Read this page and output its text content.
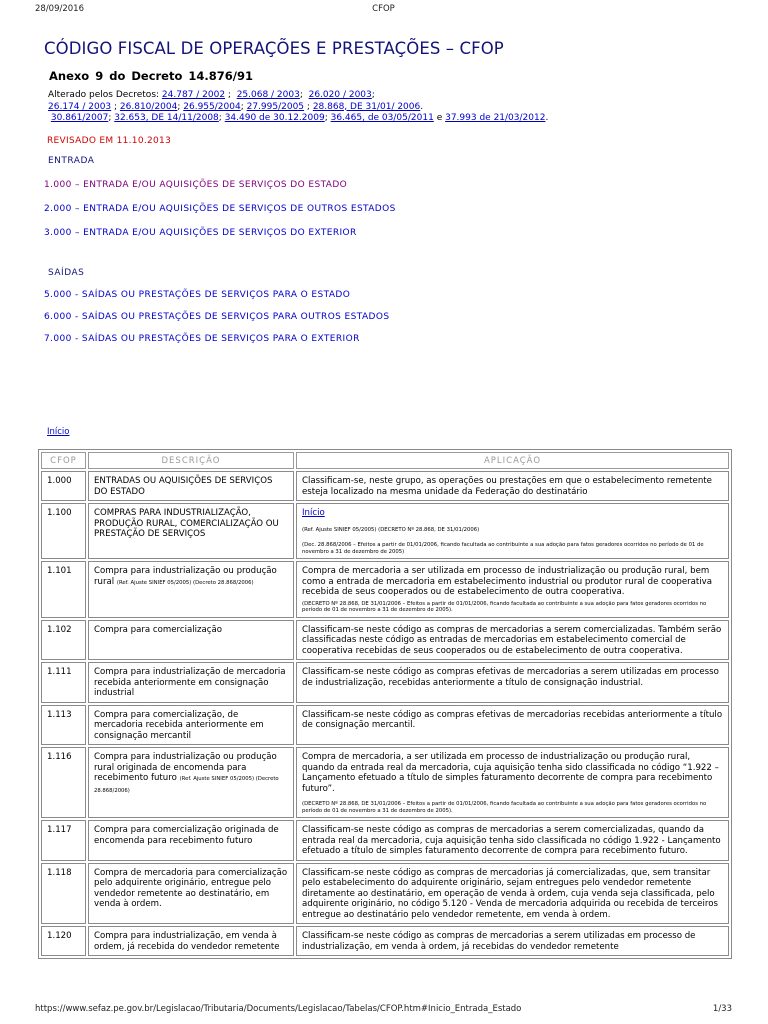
28/09/2016	CFOP
CÓDIGO FISCAL DE OPERAÇÕES E PRESTAÇÕES – CFOP
Anexo 9 do Decreto 14.876/91
Alterado pelos Decretos: 24.787 / 2002 ;  25.068 / 2003;  26.020 / 2003;
26.174 / 2003 ; 26.810/2004; 26.955/2004; 27.995/2005 ; 28.868, DE 31/01/ 2006.
30.861/2007; 32.653, DE 14/11/2008; 34.490 de 30.12.2009; 36.465, de 03/05/2011 e 37.993 de 21/03/2012.
REVISADO EM 11.10.2013
ENTRADA
1.000 – ENTRADA E/OU AQUISIÇÕES DE SERVIÇOS DO ESTADO
2.000 – ENTRADA E/OU AQUISIÇÕES DE SERVIÇOS DE OUTROS ESTADOS
3.000 – ENTRADA E/OU AQUISIÇÕES DE SERVIÇOS DO EXTERIOR
SAÍDAS
5.000 - SAÍDAS OU PRESTAÇÕES DE SERVIÇOS PARA O ESTADO
6.000 - SAÍDAS OU PRESTAÇÕES DE SERVIÇOS PARA OUTROS ESTADOS
7.000 - SAÍDAS OU PRESTAÇÕES DE SERVIÇOS PARA O EXTERIOR
Início
CFOP	DESCRIÇÃO	APLICAÇÃO
1.000	ENTRADAS OU AQUISIÇÕES DE SERVIÇOS DO ESTADO	Classificam-se, neste grupo, as operações ou prestações em que o estabelecimento remetente esteja localizado na mesma unidade da Federação do destinatário
1.100	COMPRAS PARA INDUSTRIALIZAÇÃO, PRODUÇÃO RURAL, COMERCIALIZAÇÃO OU PRESTAÇÃO DE SERVIÇOS	Início
(Ref. Ajuste SINIEF 05/2005) (DECRETO Nº 28.868, DE 31/01/2006)
(Dec. 28.868/2006 – Efeitos a partir de 01/01/2006, ficando facultada ao contribuinte a sua adoção para fatos geradores ocorridos no período de 01 de novembro a 31 de dezembro de 2005)

1.101	Compra para industrialização ou produção rural (Ref. Ajuste SINIEF 05/2005) (Decreto 28.868/2006)	Compra de mercadoria a ser utilizada em processo de industrialização ou produção rural, bem como a entrada de mercadoria em estabelecimento industrial ou produtor rural de cooperativa recebida de seus cooperados ou de estabelecimento de outra cooperativa.
(DECRETO Nº 28.868, DE 31/01/2006 – Efeitos a partir de 01/01/2006, ficando facultada ao contribuinte a sua adoção para fatos geradores ocorridos no período de 01 de novembro a 31 de dezembro de 2005).

1.102	Compra para comercialização	Classificam-se neste código as compras de mercadorias a serem comercializadas. Também serão classificadas neste código as entradas de mercadorias em estabelecimento comercial de cooperativa recebidas de seus cooperados ou de estabelecimento de outra cooperativa.
1.111	Compra para industrialização de mercadoria recebida anteriormente em consignação industrial	Classificam-se neste código as compras efetivas de mercadorias a serem utilizadas em processo de industrialização, recebidas anteriormente a título de consignação industrial.
1.113	Compra para comercialização, de mercadoria recebida anteriormente em consignação mercantil	Classificam-se neste código as compras efetivas de mercadorias recebidas anteriormente a título de consignação mercantil.
1.116	Compra para industrialização ou produção rural originada de encomenda para recebimento futuro (Ref. Ajuste SINIEF 05/2005) (Decreto 28.868/2006)	Compra de mercadoria, a ser utilizada em processo de industrialização ou produção rural, quando da entrada real da mercadoria, cuja aquisição tenha sido classificada no código “1.922 – Lançamento efetuado a título de simples faturamento decorrente de compra para recebimento futuro”.
(DECRETO Nº 28.868, DE 31/01/2006 – Efeitos a partir de 01/01/2006, ficando facultada ao contribuinte a sua adoção para fatos geradores ocorridos no período de 01 de novembro a 31 de dezembro de 2005).

1.117	Compra para comercialização originada de encomenda para recebimento futuro	Classificam-se neste código as compras de mercadorias a serem comercializadas, quando da entrada real da mercadoria, cuja aquisição tenha sido classificada no código 1.922 - Lançamento efetuado a título de simples faturamento decorrente de compra para recebimento futuro.
1.118	Compra de mercadoria para comercialização pelo adquirente originário, entregue pelo vendedor remetente ao destinatário, em venda à ordem.	Classificam-se neste código as compras de mercadorias já comercializadas, que, sem transitar pelo estabelecimento do adquirente originário, sejam entregues pelo vendedor remetente diretamente ao destinatário, em operação de venda à ordem, cuja venda seja classificada, pelo adquirente originário, no código 5.120 - Venda de mercadoria adquirida ou recebida de terceiros entregue ao destinatário pelo vendedor remetente, em venda à ordem.
1.120	Compra para industrialização, em venda à ordem, já recebida do vendedor remetente	Classificam-se neste código as compras de mercadorias a serem utilizadas em processo de industrialização, em venda à ordem, já recebidas do vendedor remetente
https://www.sefaz.pe.gov.br/Legislacao/Tributaria/Documents/Legislacao/Tabelas/CFOP.htm#Inicio_Entrada_Estado	1/33
